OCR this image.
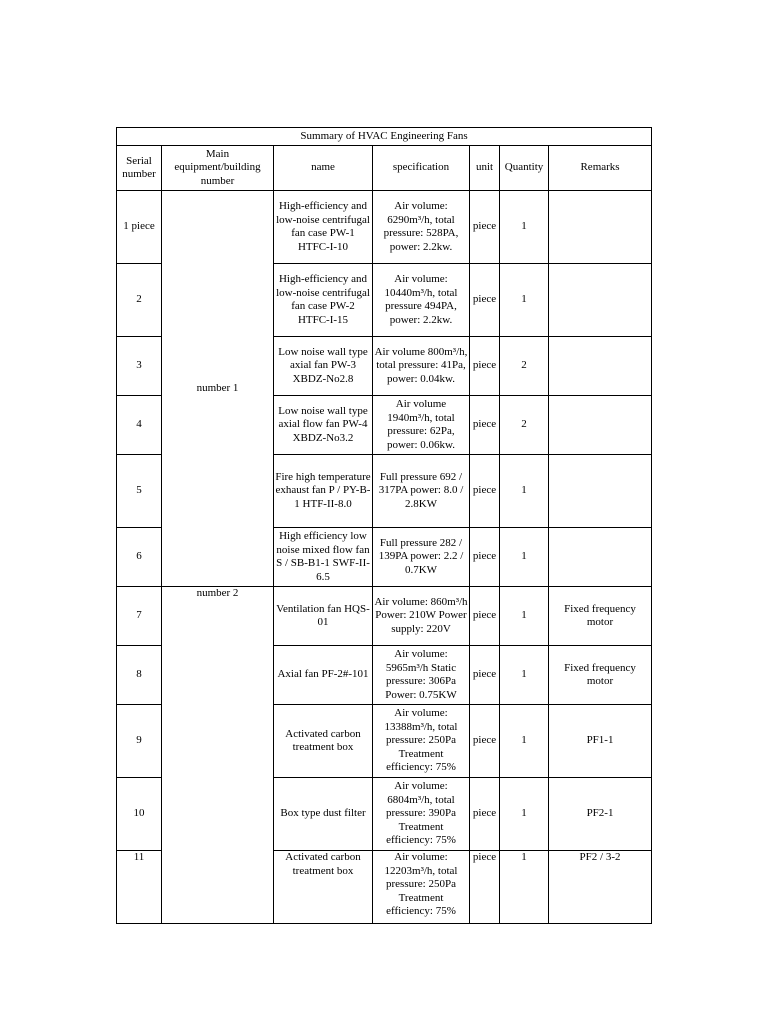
Summary of HVAC Engineering Fans						
Serial number	Main equipment/building number	name	specification	unit	Quantity	Remarks
1 piece	number 1	High-efficiency and low-noise centrifugal fan case PW-1 HTFC-I-10	Air volume: 6290m³/h, total pressure: 528PA, power: 2.2kw.	piece	1	
2		High-efficiency and low-noise centrifugal fan case PW-2 HTFC-I-15	Air volume: 10440m³/h, total pressure 494PA, power: 2.2kw.	piece	1	
3		Low noise wall type axial fan PW-3 XBDZ-No2.8	Air volume 800m³/h, total pressure: 41Pa, power: 0.04kw.	piece	2	
4		Low noise wall type axial flow fan PW-4 XBDZ-No3.2	Air volume 1940m³/h, total pressure: 62Pa, power: 0.06kw.	piece	2	
5		Fire high temperature exhaust fan P / PY-B-1 HTF-II-8.0	Full pressure 692 / 317PA power: 8.0 / 2.8KW	piece	1	
6		High efficiency low noise mixed flow fan S / SB-B1-1 SWF-II-6.5	Full pressure 282 / 139PA power: 2.2 / 0.7KW	piece	1	
7	number 2	Ventilation fan HQS-01	Air volume: 860m³/h Power: 210W Power supply: 220V	piece	1	Fixed frequency motor
8		Axial fan PF-2#-101	Air volume: 5965m³/h Static pressure: 306Pa Power: 0.75KW	piece	1	Fixed frequency motor
9		Activated carbon treatment box	Air volume: 13388m³/h, total pressure: 250Pa Treatment efficiency: 75%	piece	1	PF1-1
10		Box type dust filter	Air volume: 6804m³/h, total pressure: 390Pa Treatment efficiency: 75%	piece	1	PF2-1
11		Activated carbon treatment box	Air volume: 12203m³/h, total pressure: 250Pa Treatment efficiency: 75%	piece	1	PF2 / 3-2
